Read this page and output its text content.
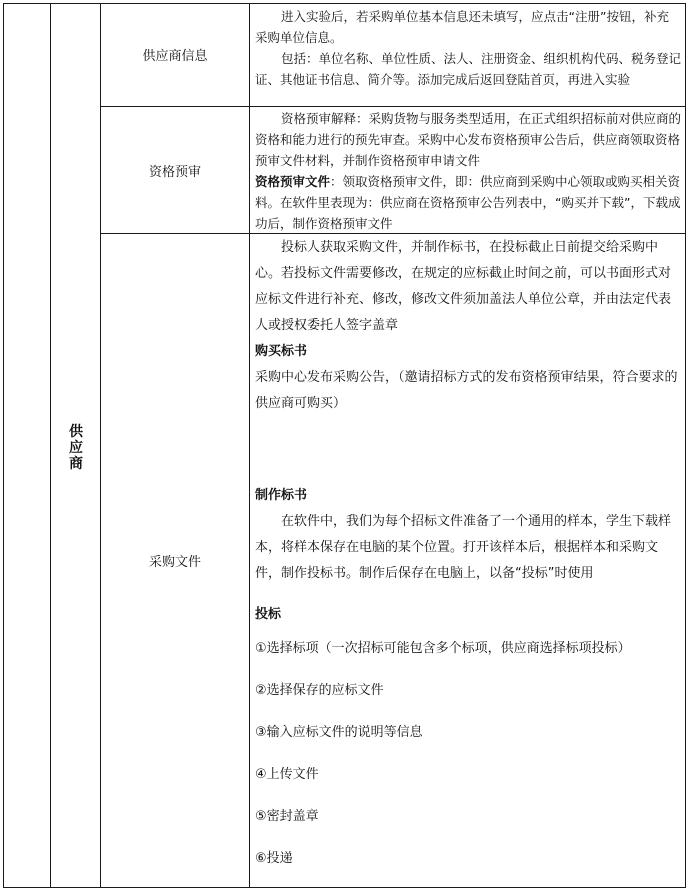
供
应
商
供应商信息

进入实验后，若采购单位基本信息还未填写，应点击“注册”按钮，补充采购单位信息。

包括：单位名称、单位性质、法人、注册资金、组织机构代码、税务登记证、其他证书信息、简介等。添加完成后返回登陆首页，再进入实验

资格预审

资格预审解释：采购货物与服务类型适用，在正式组织招标前对供应商的资格和能力进行的预先审查。采购中心发布资格预审公告后，供应商领取资格预审文件材料，并制作资格预审申请文件

资格预审文件：领取资格预审文件，即：供应商到采购中心领取或购买相关资料。在软件里表现为：供应商在资格预审公告列表中，“购买并下载”，下载成功后，制作资格预审文件

采购文件

投标人获取采购文件，并制作标书，在投标截止日前提交给采购中心。若投标文件需要修改，在规定的应标截止时间之前，可以书面形式对应标文件进行补充、修改，修改文件须加盖法人单位公章，并由法定代表人或授权委托人签字盖章

购买标书

采购中心发布采购公告，（邀请招标方式的发布资格预审结果，符合要求的供应商可购买）

制作标书

在软件中，我们为每个招标文件准备了一个通用的样本，学生下载样本，将样本保存在电脑的某个位置。打开该样本后，根据样本和采购文件，制作投标书。制作后保存在电脑上，以备“投标”时使用

投标

①选择标项（一次招标可能包含多个标项，供应商选择标项投标）

②选择保存的应标文件

③输入应标文件的说明等信息

④上传文件

⑤密封盖章

⑥投递
